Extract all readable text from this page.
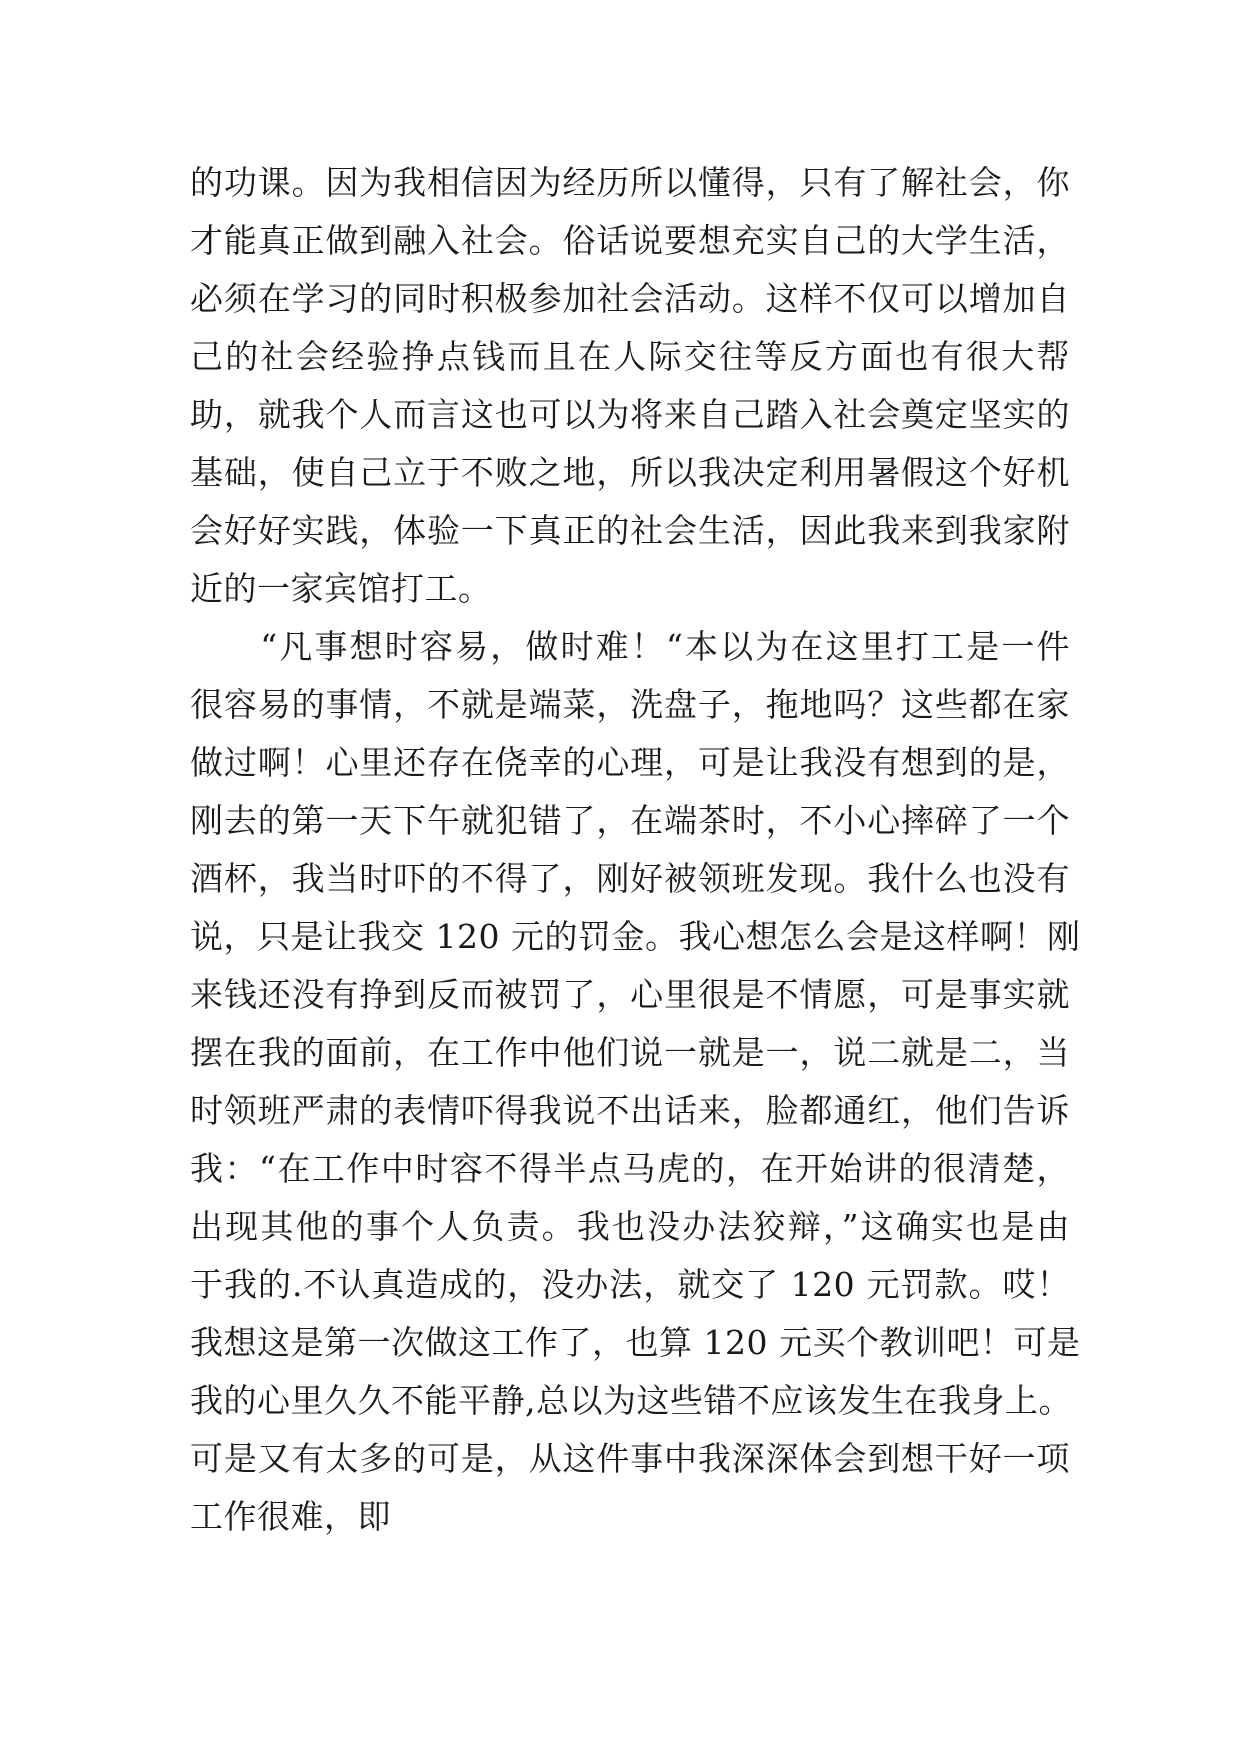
的功课。因为我相信因为经历所以懂得，只有了解社会，你
才能真正做到融入社会。俗话说要想充实自己的大学生活，
必须在学习的同时积极参加社会活动。这样不仅可以增加自
己的社会经验挣点钱而且在人际交往等反方面也有很大帮
助，就我个人而言这也可以为将来自己踏入社会奠定坚实的
基础，使自己立于不败之地，所以我决定利用暑假这个好机
会好好实践，体验一下真正的社会生活，因此我来到我家附
近的一家宾馆打工。
　　“凡事想时容易，做时难！“本以为在这里打工是一件
很容易的事情，不就是端菜，洗盘子，拖地吗？这些都在家
做过啊！心里还存在侥幸的心理，可是让我没有想到的是，
刚去的第一天下午就犯错了，在端茶时，不小心摔碎了一个
酒杯，我当时吓的不得了，刚好被领班发现。我什么也没有
说，只是让我交 120 元的罚金。我心想怎么会是这样啊！刚
来钱还没有挣到反而被罚了，心里很是不情愿，可是事实就
摆在我的面前，在工作中他们说一就是一，说二就是二，当
时领班严肃的表情吓得我说不出话来，脸都通红，他们告诉
我：“在工作中时容不得半点马虎的，在开始讲的很清楚，
出现其他的事个人负责。我也没办法狡辩，”这确实也是由
于我的.不认真造成的，没办法，就交了 120 元罚款。哎！
我想这是第一次做这工作了，也算 120 元买个教训吧！可是
我的心里久久不能平静,总以为这些错不应该发生在我身上。
可是又有太多的可是，从这件事中我深深体会到想干好一项
工作很难，即
